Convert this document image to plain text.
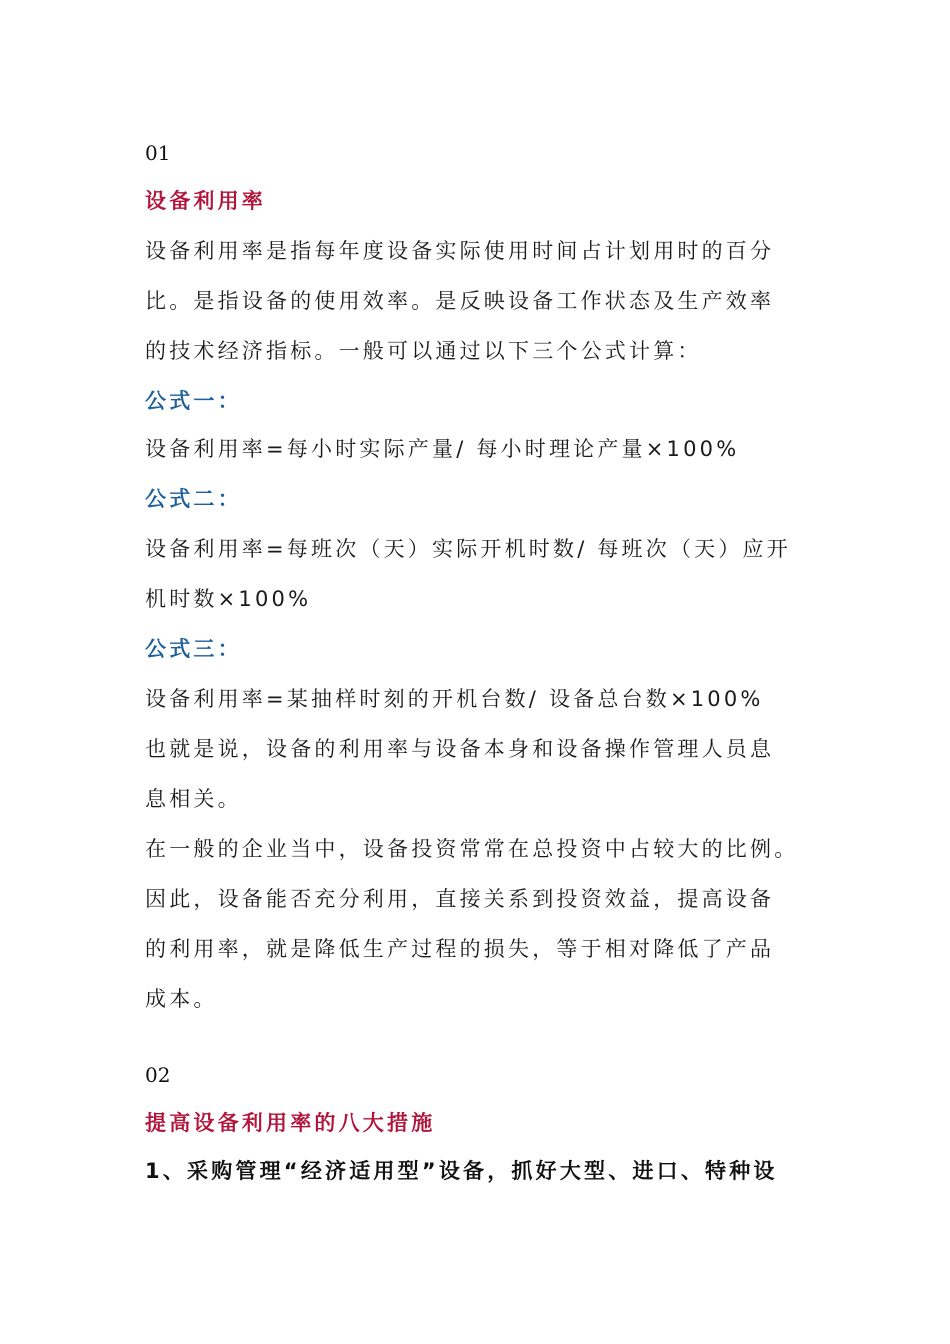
01
设备利用率
设备利用率是指每年度设备实际使用时间占计划用时的百分
比。是指设备的使用效率。是反映设备工作状态及生产效率
的技术经济指标。一般可以通过以下三个公式计算：
公式一：
设备利用率=每小时实际产量/ 每小时理论产量×100%
公式二：
设备利用率=每班次（天）实际开机时数/ 每班次（天）应开
机时数×100%
公式三：
设备利用率=某抽样时刻的开机台数/ 设备总台数×100%
也就是说，设备的利用率与设备本身和设备操作管理人员息
息相关。
在一般的企业当中，设备投资常常在总投资中占较大的比例。
因此，设备能否充分利用，直接关系到投资效益，提高设备
的利用率，就是降低生产过程的损失，等于相对降低了产品
成本。
02
提高设备利用率的八大措施
1、采购管理“经济适用型”设备，抓好大型、进口、特种设
